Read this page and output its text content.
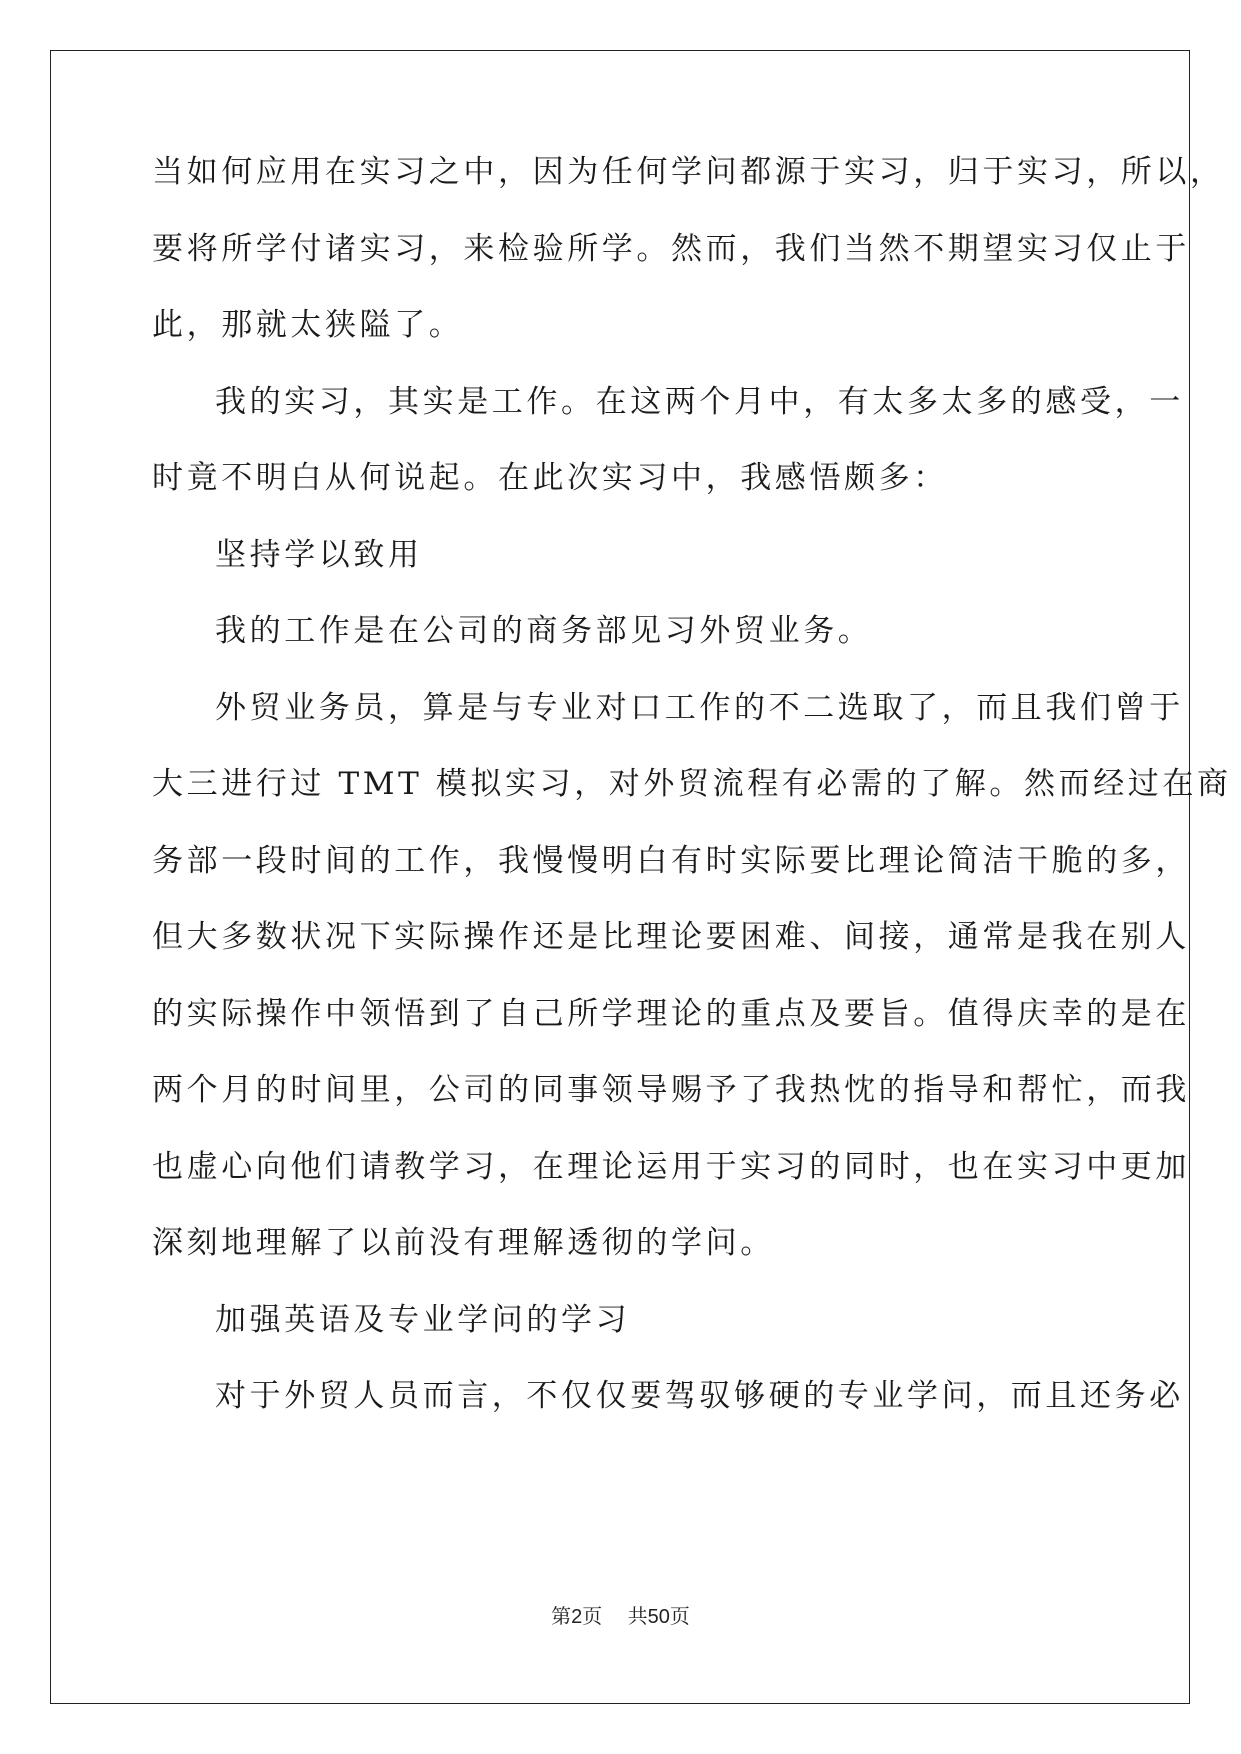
当如何应用在实习之中，因为任何学问都源于实习，归于实习，所以，
要将所学付诸实习，来检验所学。然而，我们当然不期望实习仅止于
此，那就太狭隘了。
我的实习，其实是工作。在这两个月中，有太多太多的感受，一
时竟不明白从何说起。在此次实习中，我感悟颇多：
坚持学以致用
我的工作是在公司的商务部见习外贸业务。
外贸业务员，算是与专业对口工作的不二选取了，而且我们曾于
大三进行过 TMT 模拟实习，对外贸流程有必需的了解。然而经过在商
务部一段时间的工作，我慢慢明白有时实际要比理论简洁干脆的多，
但大多数状况下实际操作还是比理论要困难、间接，通常是我在别人
的实际操作中领悟到了自己所学理论的重点及要旨。值得庆幸的是在
两个月的时间里，公司的同事领导赐予了我热忱的指导和帮忙，而我
也虚心向他们请教学习，在理论运用于实习的同时，也在实习中更加
深刻地理解了以前没有理解透彻的学问。
加强英语及专业学问的学习
对于外贸人员而言，不仅仅要驾驭够硬的专业学问，而且还务必
第2页 共50页
